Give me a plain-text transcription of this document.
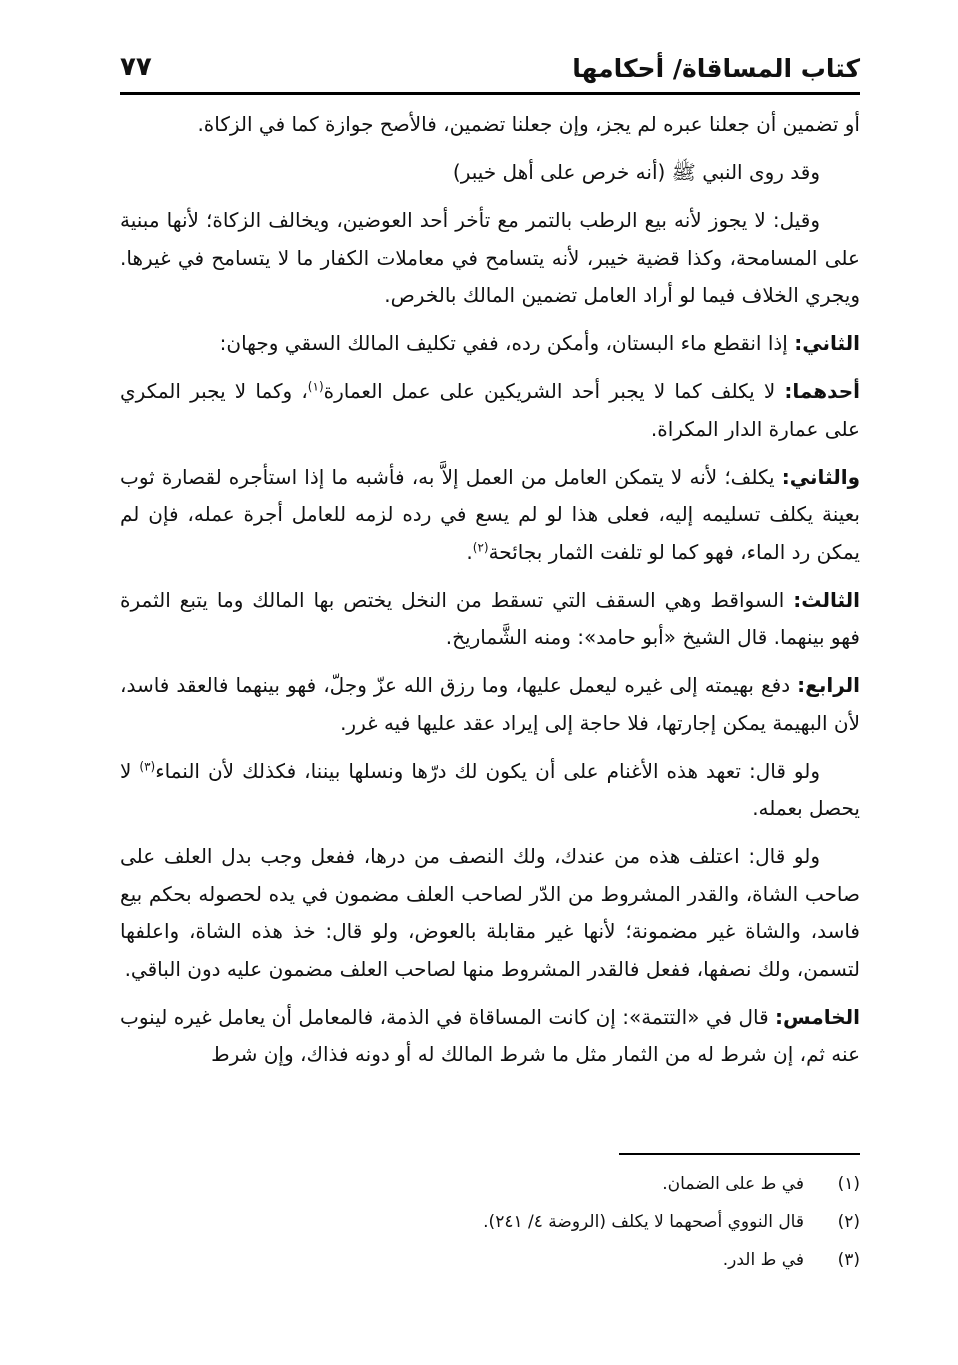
كتاب المساقاة/ أحكامها
٧٧

أو تضمين أن جعلنا عبره لم يجز، وإن جعلنا تضمين، فالأصح جوازة كما في الزكاة.

وقد روى النبي ﷺ (أنه خرص على أهل خيبر)

وقيل: لا يجوز لأنه بيع الرطب بالتمر مع تأخر أحد العوضين، ويخالف الزكاة؛ لأنها مبنية على المسامحة، وكذا قضية خيبر، لأنه يتسامح في معاملات الكفار ما لا يتسامح في غيرها. ويجري الخلاف فيما لو أراد العامل تضمين المالك بالخرص.

الثاني: إذا انقطع ماء البستان، وأمكن رده، ففي تكليف المالك السقي وجهان:

أحدهما: لا يكلف كما لا يجبر أحد الشريكين على عمل العمارة$^{(١)}$، وكما لا يجبر المكري على عمارة الدار المكراة.

والثاني: يكلف؛ لأنه لا يتمكن العامل من العمل إلاَّ به، فأشبه ما إذا استأجره لقصارة ثوب بعينة يكلف تسليمه إليه، فعلى هذا لو لم يسع في رده لزمه للعامل أجرة عمله، فإن لم يمكن رد الماء، فهو كما لو تلفت الثمار بجائحة$^{(٢)}$.

الثالث: السواقط وهي السقف التي تسقط من النخل يختص بها المالك وما يتبع الثمرة فهو بينهما. قال الشيخ «أبو حامد»: ومنه الشَّماريخ.

الرابع: دفع بهيمته إلى غيره ليعمل عليها، وما رزق الله عزّ وجلّ، فهو بينهما فالعقد فاسد، لأن البهيمة يمكن إجارتها، فلا حاجة إلى إيراد عقد عليها فيه غرر.

ولو قال: تعهد هذه الأغنام على أن يكون لك درّها ونسلها بيننا، فكذلك لأن النماء$^{(٣)}$ لا يحصل بعمله.

ولو قال: اعتلف هذه من عندك، ولك النصف من درها، ففعل وجب بدل العلف على صاحب الشاة، والقدر المشروط من الدّر لصاحب العلف مضمون في يده لحصوله بحكم بيع فاسد، والشاة غير مضمونة؛ لأنها غير مقابلة بالعوض، ولو قال: خذ هذه الشاة، واعلفها لتسمن، ولك نصفها، ففعل فالقدر المشروط منها لصاحب العلف مضمون عليه دون الباقي.

الخامس: قال في «التتمة»: إن كانت المساقاة في الذمة، فالمعامل أن يعامل غيره لينوب عنه ثم، إن شرط له من الثمار مثل ما شرط المالك له أو دونه فذاك، وإن شرط

(١)في ط على الضمان.
(٢)قال النووي أصحهما لا يكلف (الروضة ٤/ ٢٤١).
(٣)في ط الدر.
